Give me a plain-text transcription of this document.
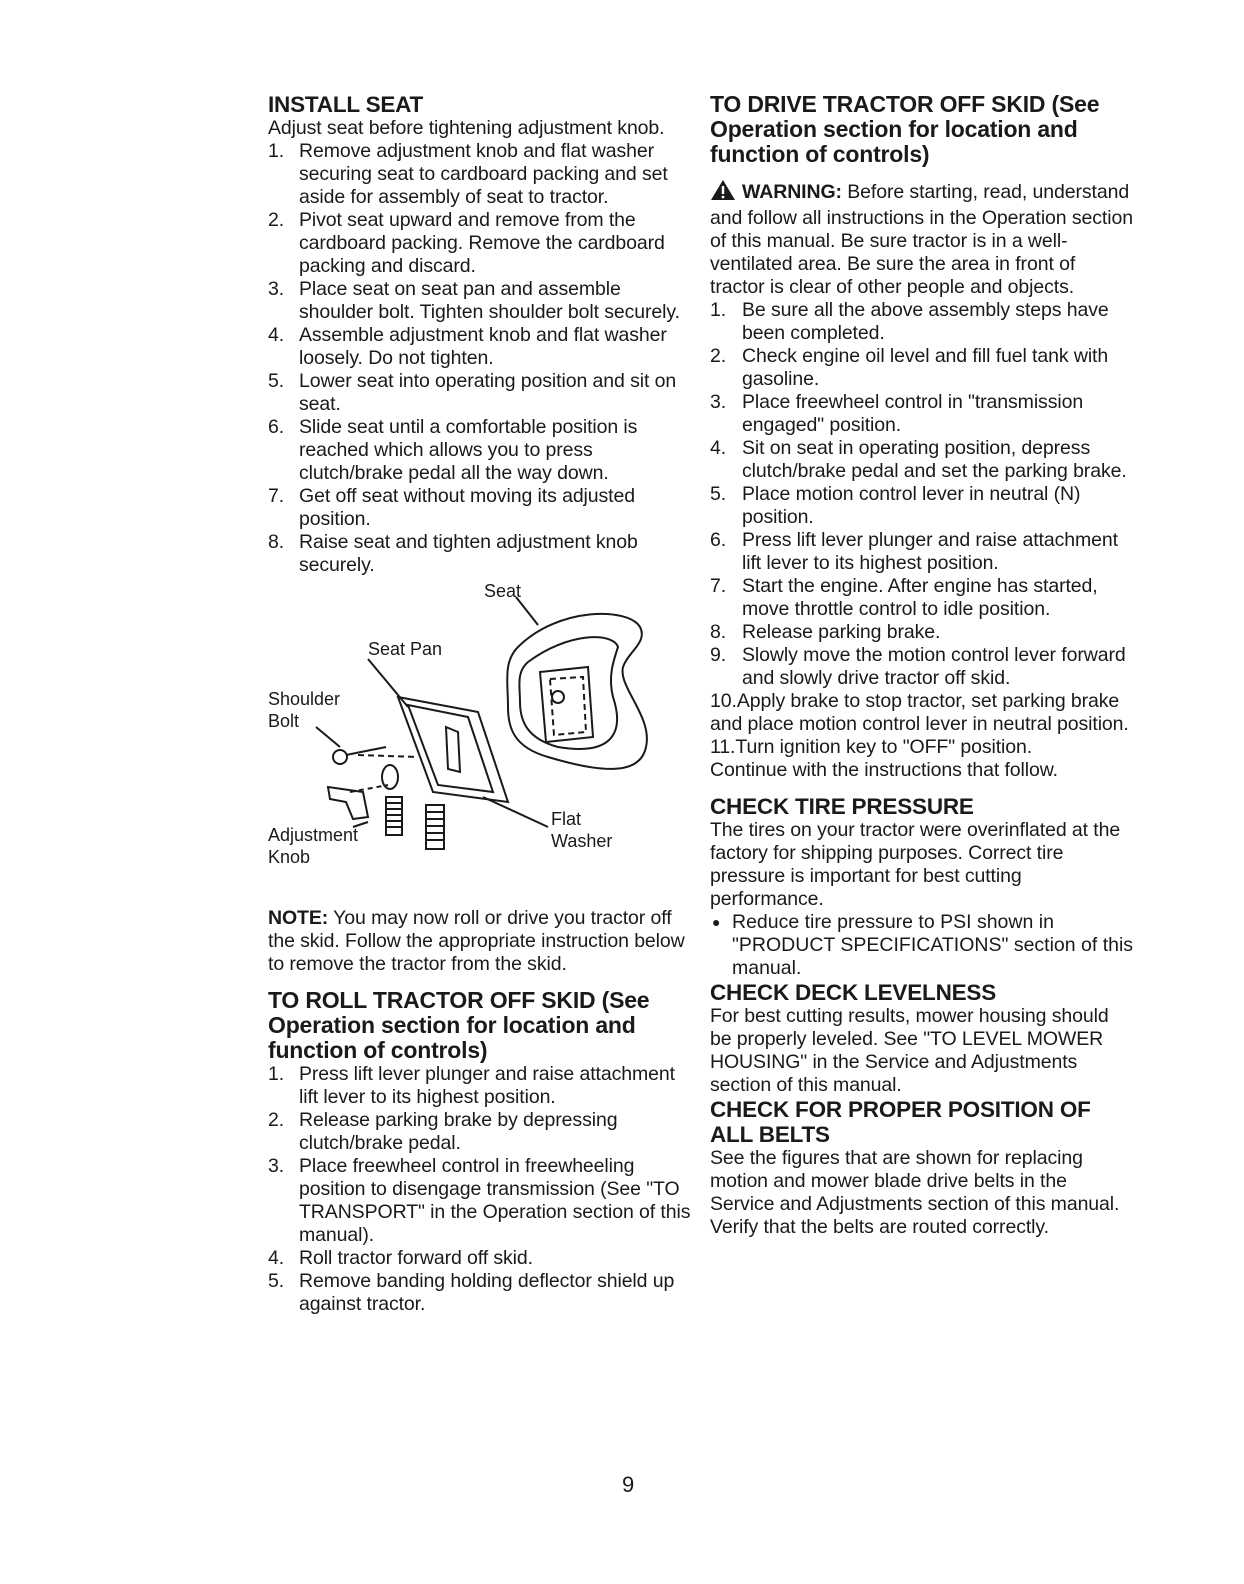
INSTALL SEAT

Adjust seat before tightening adjustment knob.

1. Remove adjustment knob and flat washer securing seat to cardboard packing and set aside for assembly of seat to tractor.
2. Pivot seat upward and remove from the cardboard packing. Remove the cardboard packing and discard.
3. Place seat on seat pan and assemble shoulder bolt. Tighten shoulder bolt securely.
4. Assemble adjustment knob and flat washer loosely. Do not tighten.
5. Lower seat into operating position and sit on seat.
6. Slide seat until a comfortable position is reached which allows you to press clutch/brake pedal all the way down.
7. Get off seat without moving its adjusted position.
8. Raise seat and tighten adjustment knob securely.
Seat
Seat Pan
Shoulder
Bolt
Adjustment
Knob
Flat
Washer

NOTE: You may now roll or drive you tractor off the skid. Follow the appropriate instruction below to remove the tractor from the skid.

TO ROLL TRACTOR OFF SKID (See Operation section for location and function of controls)
1. Press lift lever plunger and raise attachment lift lever to its highest position.
2. Release parking brake by depressing clutch/brake pedal.
3. Place freewheel control in freewheeling position to disengage transmission (See "TO TRANSPORT" in the Operation section of this manual).
4. Roll tractor forward off skid.
5. Remove banding holding deflector shield up against tractor.
TO DRIVE TRACTOR OFF SKID (See Operation section for location and function of controls)

WARNING: Before starting, read, understand and follow all instructions in the Operation section of this manual. Be sure tractor is in a well-ventilated area. Be sure the area in front of tractor is clear of other people and objects.

1. Be sure all the above assembly steps have been completed.
2. Check engine oil level and fill fuel tank with gasoline.
3. Place freewheel control in "transmission engaged" position.
4. Sit on seat in operating position, depress clutch/brake pedal and set the parking brake.
5. Place motion control lever in neutral (N) position.
6. Press lift lever plunger and raise attachment lift lever to its highest position.
7. Start the engine. After engine has started, move throttle control to idle position.
8. Release parking brake.
9. Slowly move the motion control lever forward and slowly drive tractor off skid.
10.Apply brake to stop tractor, set parking brake and place motion control lever in neutral position.
11.Turn ignition key to "OFF" position.

Continue with the instructions that follow.

CHECK TIRE PRESSURE

The tires on your tractor were overinflated at the factory for shipping purposes. Correct tire pressure is important for best cutting performance.

● Reduce tire pressure to PSI shown in "PRODUCT SPECIFICATIONS" section of this manual.
CHECK DECK LEVELNESS

For best cutting results, mower housing should be properly leveled. See "TO LEVEL MOWER HOUSING" in the Service and Adjustments section of this manual.

CHECK FOR PROPER POSITION OF ALL BELTS

See the figures that are shown for replacing motion and mower blade drive belts in the Service and Adjustments section of this manual. Verify that the belts are routed correctly.

9
